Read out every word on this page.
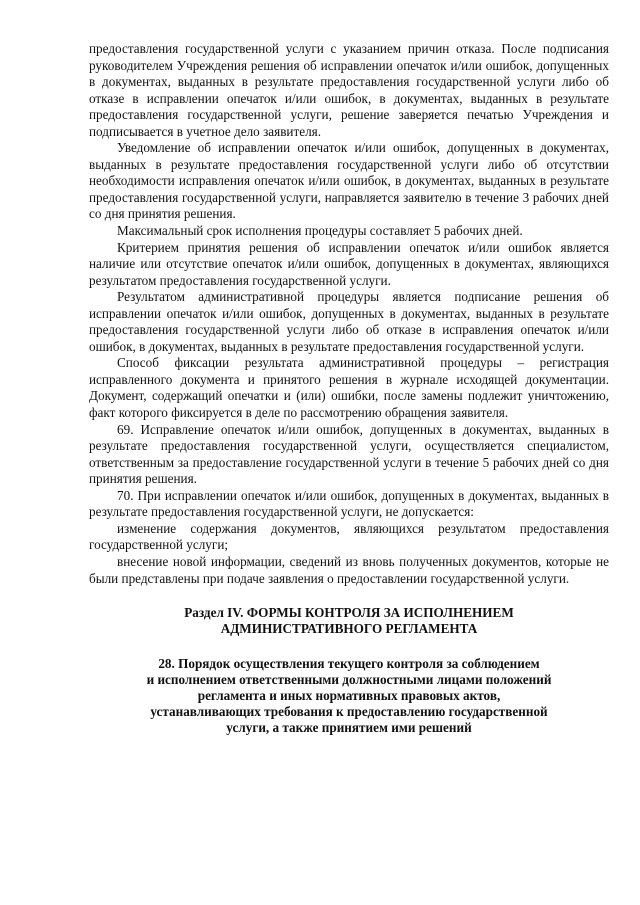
предоставления государственной услуги с указанием причин отказа. После подписания руководителем Учреждения решения об исправлении опечаток и/или ошибок, допущенных в документах, выданных в результате предоставления государственной услуги либо об отказе в исправлении опечаток и/или ошибок, в документах, выданных в результате предоставления государственной услуги, решение заверяется печатью Учреждения и подписывается в учетное дело заявителя.

Уведомление об исправлении опечаток и/или ошибок, допущенных в документах, выданных в результате предоставления государственной услуги либо об отсутствии необходимости исправления опечаток и/или ошибок, в документах, выданных в результате предоставления государственной услуги, направляется заявителю в течение 3 рабочих дней со дня принятия решения.

Максимальный срок исполнения процедуры составляет 5 рабочих дней.

Критерием принятия решения об исправлении опечаток и/или ошибок является наличие или отсутствие опечаток и/или ошибок, допущенных в документах, являющихся результатом предоставления государственной услуги.

Результатом административной процедуры является подписание решения об исправлении опечаток и/или ошибок, допущенных в документах, выданных в результате предоставления государственной услуги либо об отказе в исправления опечаток и/или ошибок, в документах, выданных в результате предоставления государственной услуги.

Способ фиксации результата административной процедуры – регистрация исправленного документа и принятого решения в журнале исходящей документации. Документ, содержащий опечатки и (или) ошибки, после замены подлежит уничтожению, факт которого фиксируется в деле по рассмотрению обращения заявителя.

69. Исправление опечаток и/или ошибок, допущенных в документах, выданных в результате предоставления государственной услуги, осуществляется специалистом, ответственным за предоставление государственной услуги в течение 5 рабочих дней со дня принятия решения.

70. При исправлении опечаток и/или ошибок, допущенных в документах, выданных в результате предоставления государственной услуги, не допускается:

изменение содержания документов, являющихся результатом предоставления государственной услуги;

внесение новой информации, сведений из вновь полученных документов, которые не были представлены при подаче заявления о предоставлении государственной услуги.

Раздел IV. ФОРМЫ КОНТРОЛЯ ЗА ИСПОЛНЕНИЕМ
АДМИНИСТРАТИВНОГО РЕГЛАМЕНТА
28. Порядок осуществления текущего контроля за соблюдением
и исполнением ответственными должностными лицами положений
регламента и иных нормативных правовых актов,
устанавливающих требования к предоставлению государственной
услуги, а также принятием ими решений
